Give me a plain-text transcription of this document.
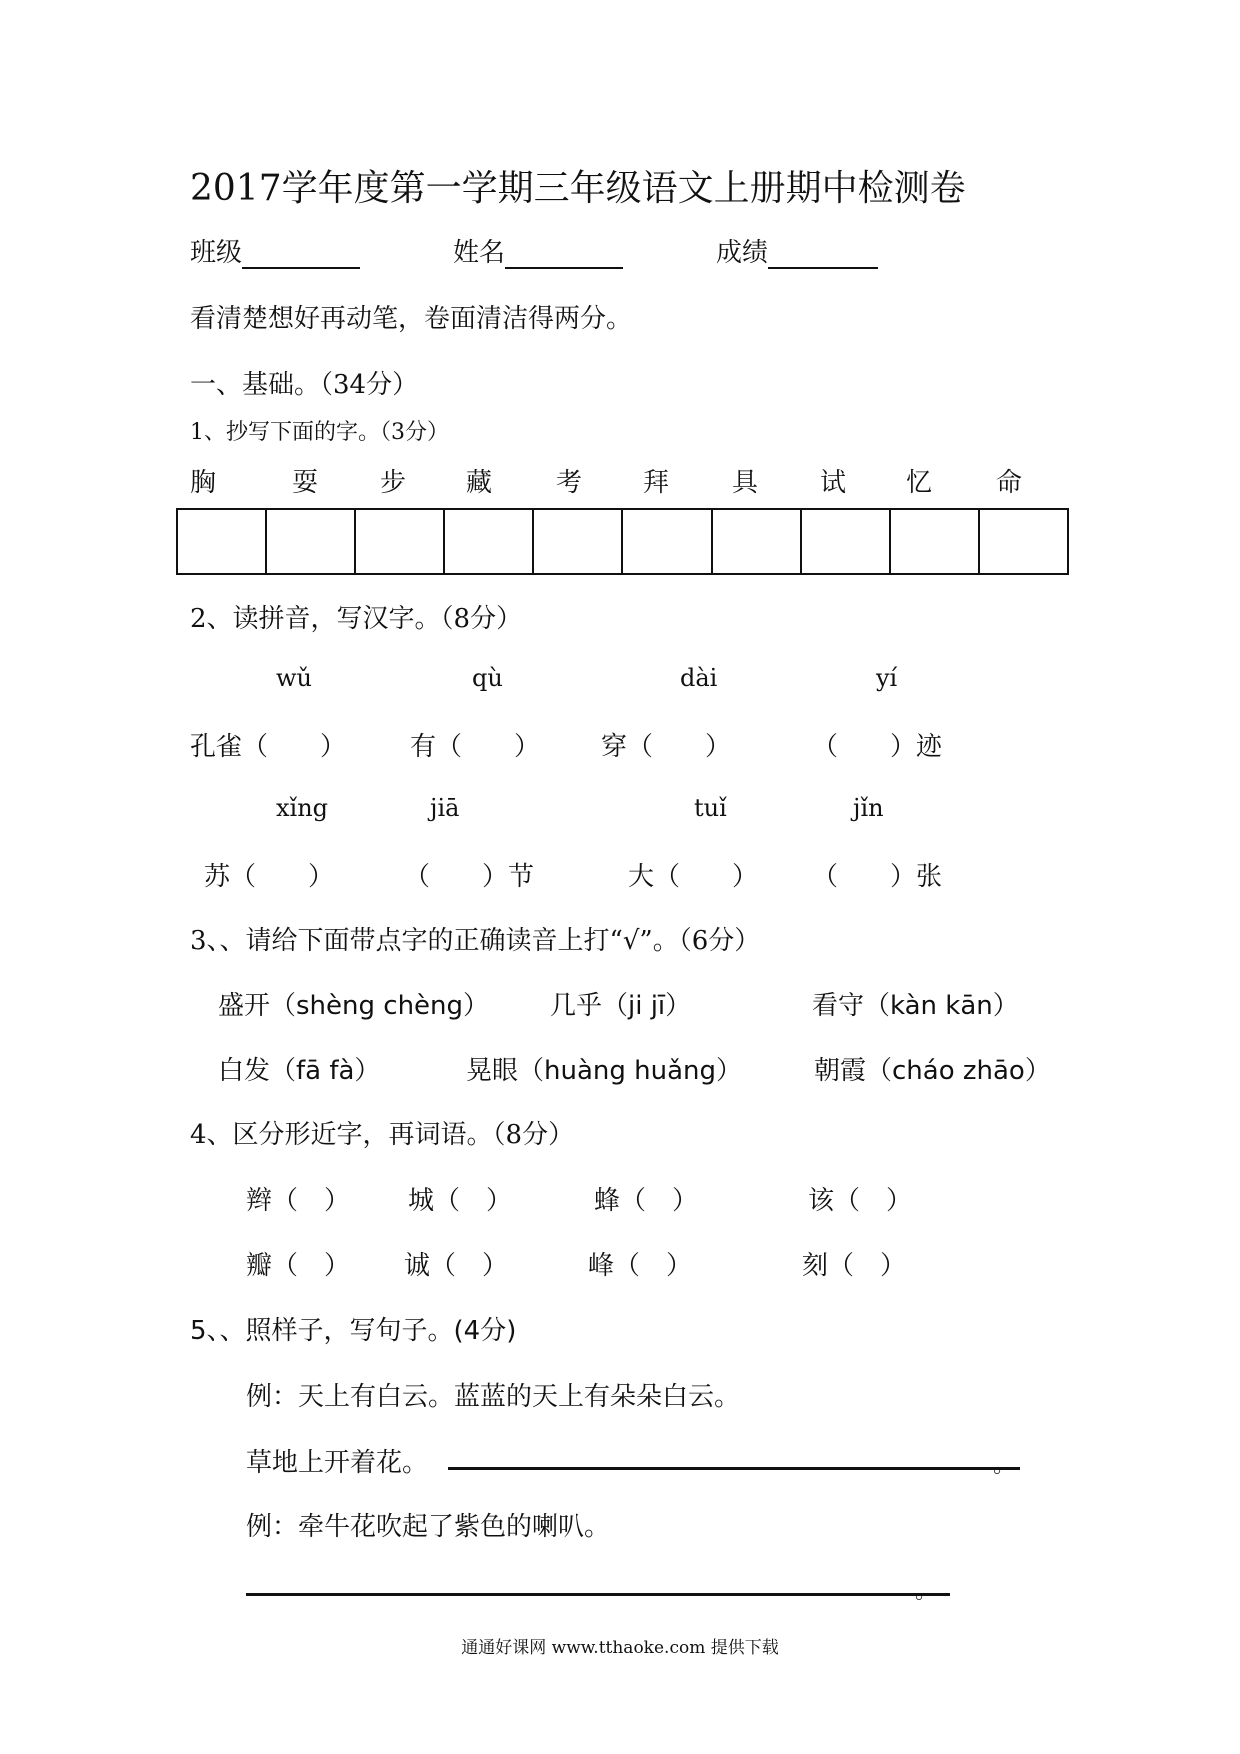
2017学年度第一学期三年级语文上册期中检测卷
班级	姓名	成绩
看清楚想好再动笔，卷面清洁得两分。
一、基础。（34分）
1、抄写下面的字。（3分）
胸	耍 步 藏 考 拜 具 试 忆 命
2、读拼音，写汉字。（8分）
wǔ	qù	dài	yí
孔雀（　　） 有（　　） 穿（　　）	（　　）迹
xǐng	jiā	tuǐ	jǐn
苏（　　）	（　　）节	大（　　） （　　）张
3、、请给下面带点字的正确读音上打“√”。（6分）
盛开（shèng chèng） 几乎（ji jī）	看守（kàn kān）
白发（fā fà）	晃眼（huàng huǎng）	朝霞（cháo zhāo）
4、区分形近字，再词语。（8分）
辫（　） 城（　）	蜂（　）	该（　）
瓣（　） 诚（　）	峰（　）	刻（　）
5、、照样子，写句子。(4分)
例：天上有白云。蓝蓝的天上有朵朵白云。
草地上开着花。	。
例：牵牛花吹起了紫色的喇叭。
。
通通好课网 www.tthaoke.com 提供下载
